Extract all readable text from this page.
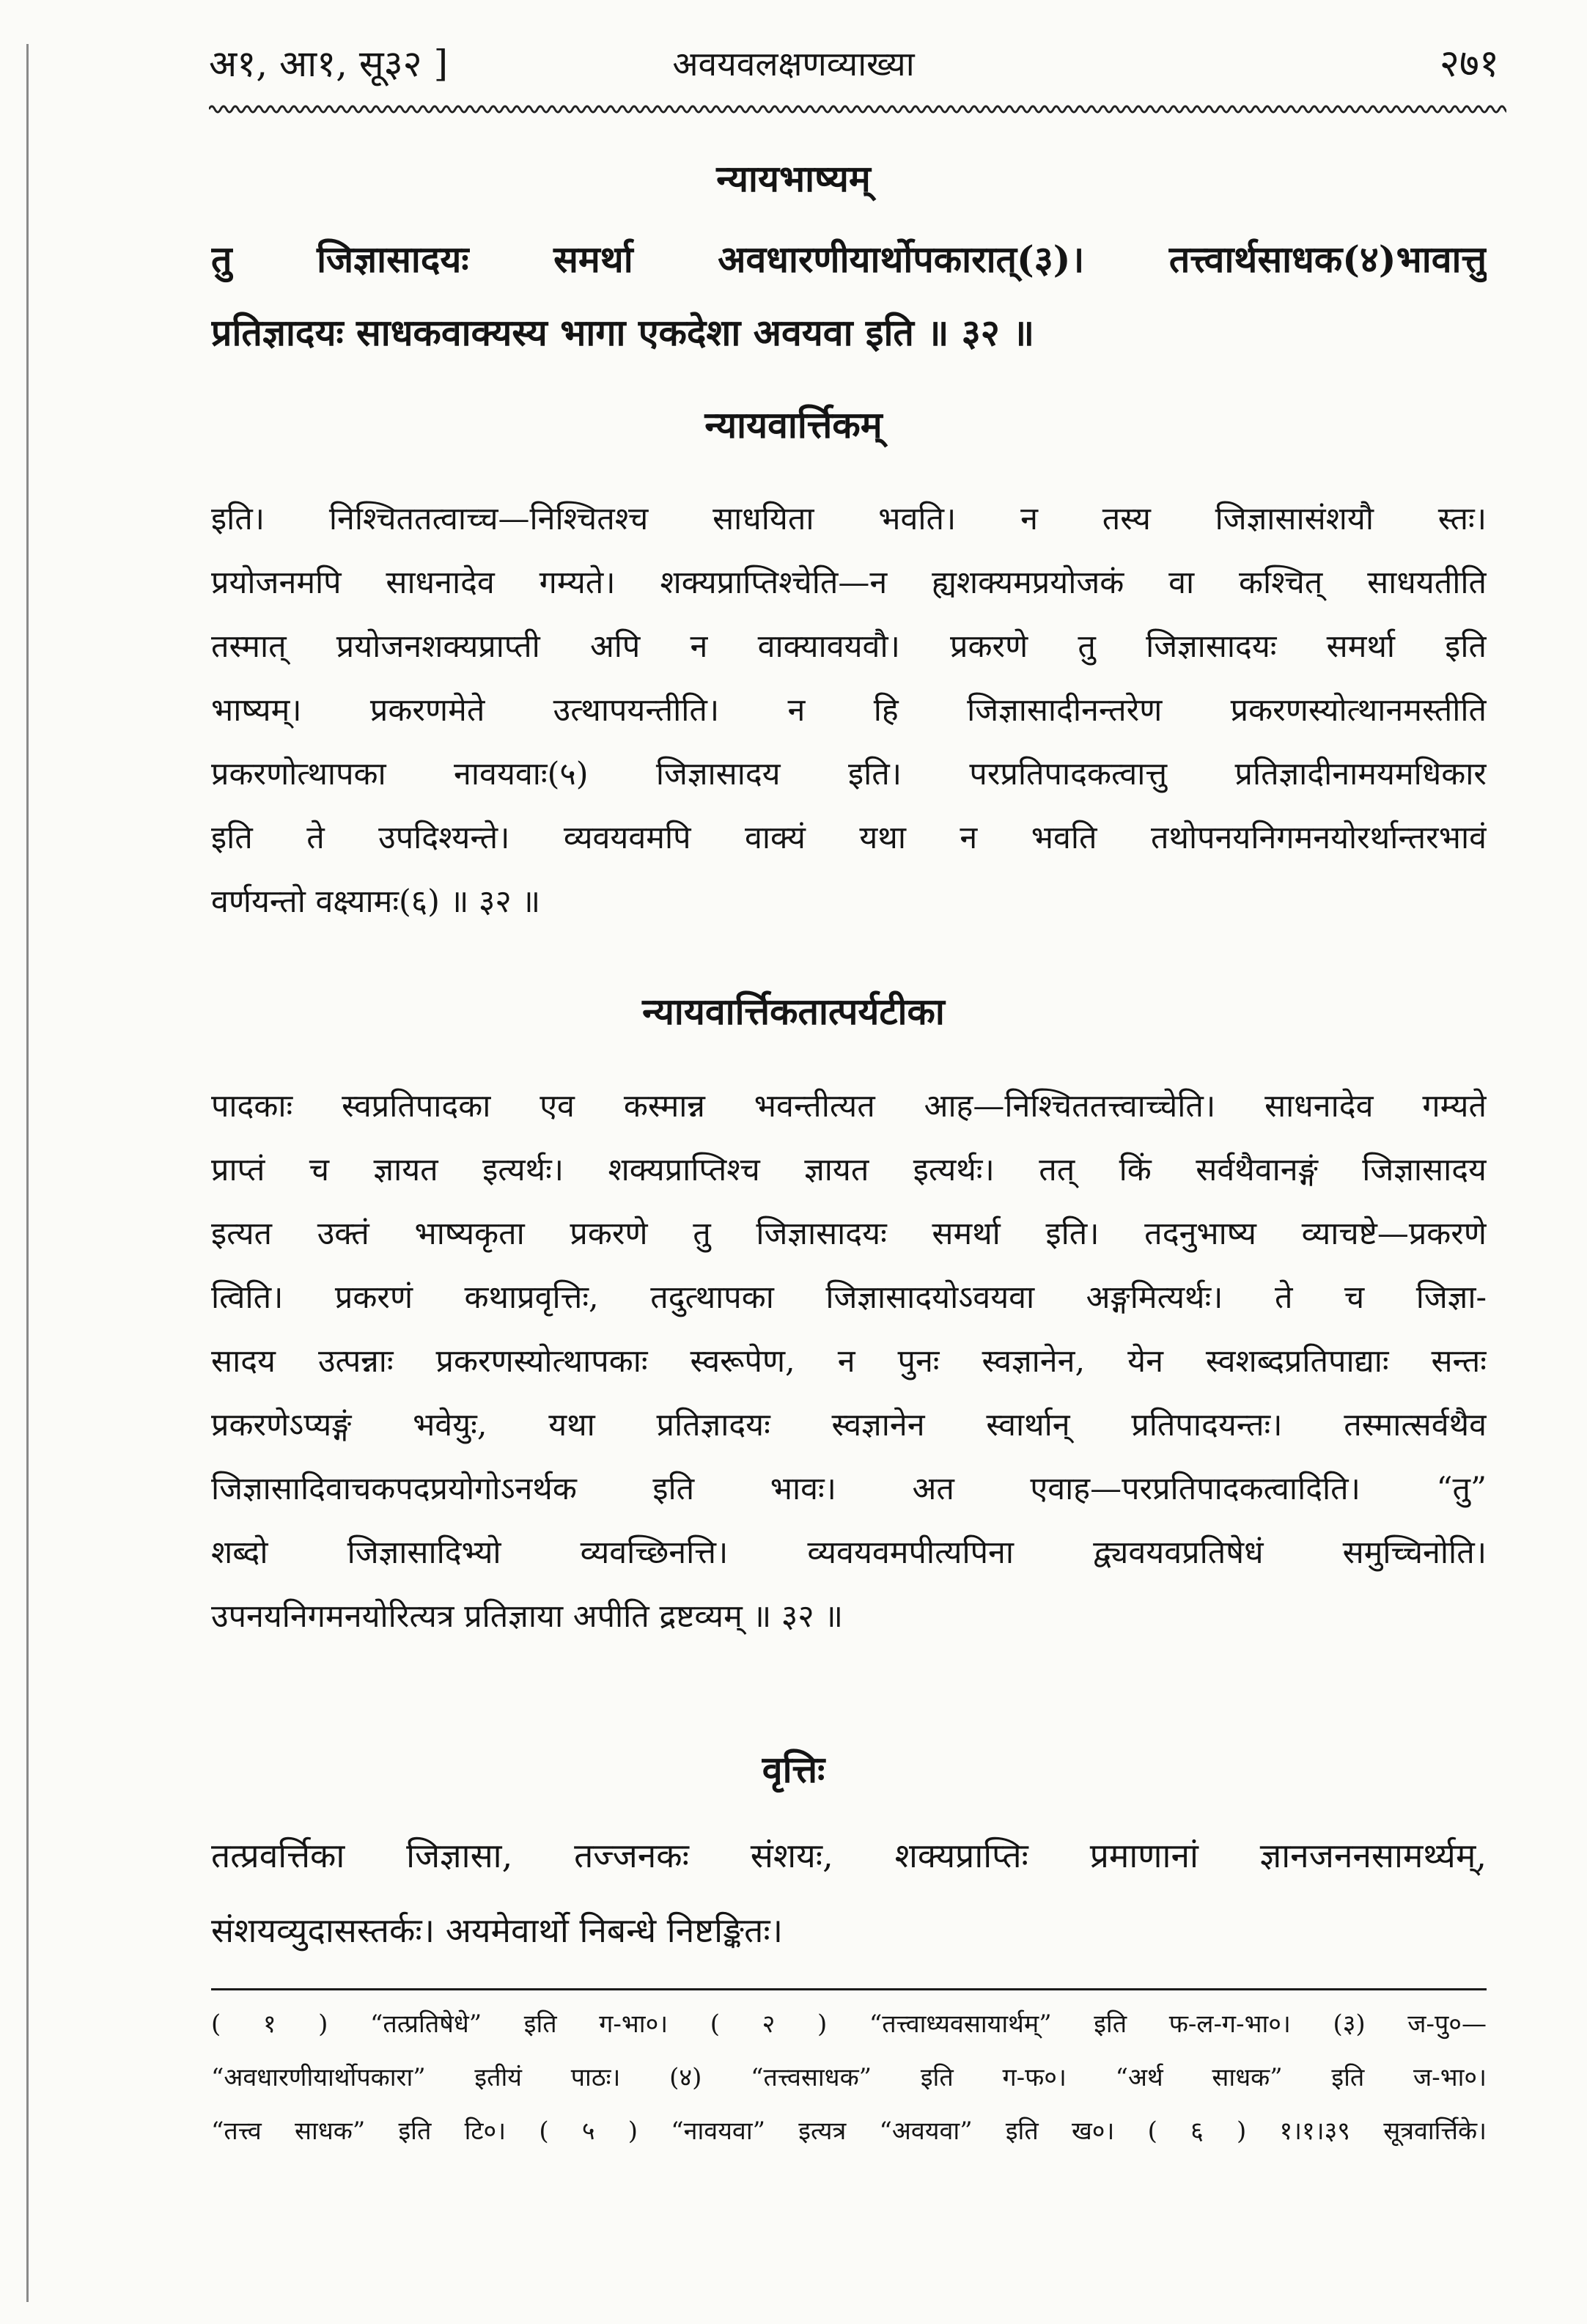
अ१, आ१, सू३२ ]	अवयवलक्षणव्याख्या	२७१
न्यायभाष्यम्
तु जिज्ञासादयः समर्था अवधारणीयार्थोपकारात्(३)। तत्त्वार्थसाधक(४)भावात्तु
प्रतिज्ञादयः साधकवाक्यस्य भागा एकदेशा अवयवा इति ॥ ३२ ॥
न्यायवार्त्तिकम्
इति। निश्चिततत्वाच्च—निश्चितश्च साधयिता भवति। न तस्य जिज्ञासासंशयौ स्तः।
प्रयोजनमपि साधनादेव गम्यते। शक्यप्राप्तिश्चेति—न ह्यशक्यमप्रयोजकं वा कश्चित् साधयतीति
तस्मात् प्रयोजनशक्यप्राप्ती अपि न वाक्यावयवौ। प्रकरणे तु जिज्ञासादयः समर्था इति
भाष्यम्। प्रकरणमेते उत्थापयन्तीति। न हि जिज्ञासादीनन्तरेण प्रकरणस्योत्थानमस्तीति
प्रकरणोत्थापका नावयवाः(५) जिज्ञासादय इति। परप्रतिपादकत्वात्तु प्रतिज्ञादीनामयमधिकार
इति ते उपदिश्यन्ते। व्यवयवमपि वाक्यं यथा न भवति तथोपनयनिगमनयोरर्थान्तरभावं
वर्णयन्तो वक्ष्यामः(६) ॥ ३२ ॥
न्यायवार्त्तिकतात्पर्यटीका
पादकाः स्वप्रतिपादका एव कस्मान्न भवन्तीत्यत आह—निश्चिततत्त्वाच्चेति। साधनादेव गम्यते
प्राप्तं च ज्ञायत इत्यर्थः। शक्यप्राप्तिश्च ज्ञायत इत्यर्थः। तत् किं सर्वथैवानङ्गं जिज्ञासादय
इत्यत उक्तं भाष्यकृता प्रकरणे तु जिज्ञासादयः समर्था इति। तदनुभाष्य व्याचष्टे—प्रकरणे
त्विति। प्रकरणं कथाप्रवृत्तिः, तदुत्थापका जिज्ञासादयोऽवयवा अङ्गमित्यर्थः। ते च जिज्ञा-
सादय उत्पन्नाः प्रकरणस्योत्थापकाः स्वरूपेण, न पुनः स्वज्ञानेन, येन स्वशब्दप्रतिपाद्याः सन्तः
प्रकरणेऽप्यङ्गं भवेयुः, यथा प्रतिज्ञादयः स्वज्ञानेन स्वार्थान् प्रतिपादयन्तः। तस्मात्सर्वथैव
जिज्ञासादिवाचकपदप्रयोगोऽनर्थक इति भावः। अत एवाह—परप्रतिपादकत्वादिति। “तु”
शब्दो जिज्ञासादिभ्यो व्यवच्छिनत्ति। व्यवयवमपीत्यपिना द्व्यवयवप्रतिषेधं समुच्चिनोति।
उपनयनिगमनयोरित्यत्र प्रतिज्ञाया अपीति द्रष्टव्यम् ॥ ३२ ॥
वृत्तिः
तत्प्रवर्त्तिका जिज्ञासा, तज्जनकः संशयः, शक्यप्राप्तिः प्रमाणानां ज्ञानजननसामर्थ्यम्,
संशयव्युदासस्तर्कः। अयमेवार्थो निबन्धे निष्टङ्कितः।
( १ ) “तत्प्रतिषेधे” इति ग-भा०। ( २ ) “तत्त्वाध्यवसायार्थम्” इति फ-ल-ग-भा०। (३) ज-पु०—
“अवधारणीयार्थोपकारा” इतीयं पाठः। (४) “तत्त्वसाधक” इति ग-फ०। “अर्थ साधक” इति ज-भा०।
“तत्त्व साधक” इति टि०। ( ५ ) “नावयवा” इत्यत्र “अवयवा” इति ख०। ( ६ ) १।१।३९ सूत्रवार्त्तिके।
